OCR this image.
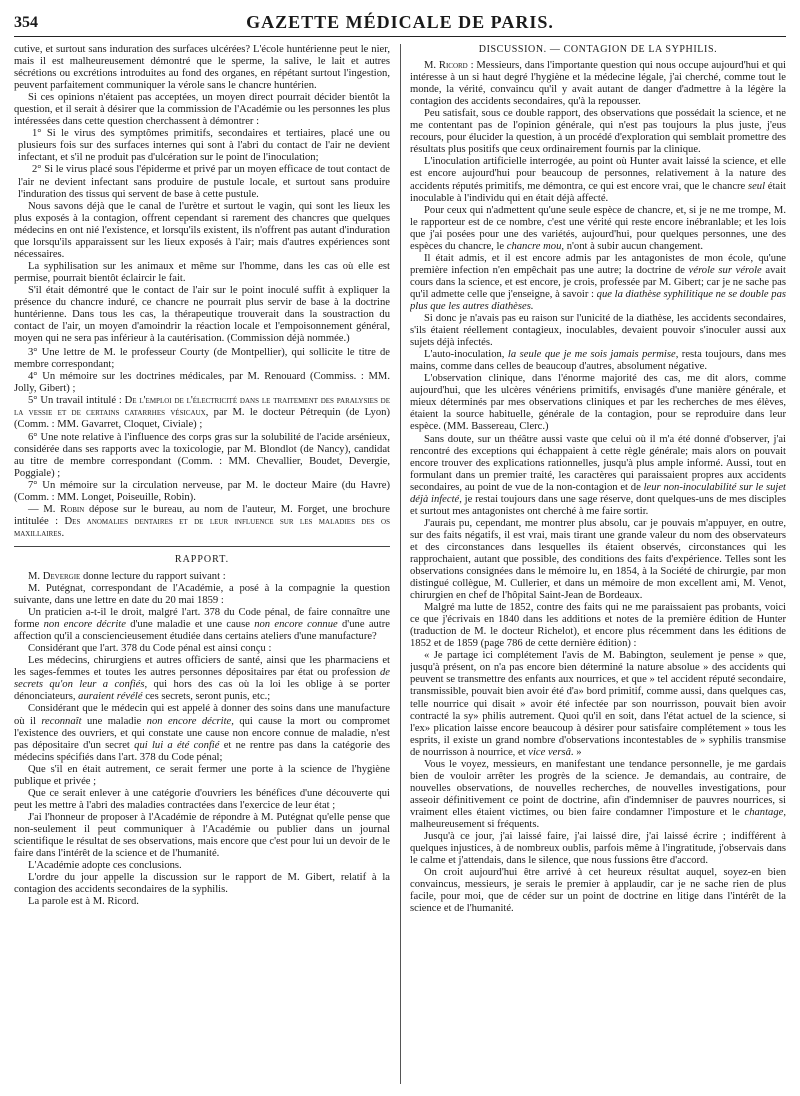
354	GAZETTE MÉDICALE DE PARIS.

cutive, et surtout sans induration des surfaces ulcérées? L'école huntérienne peut le nier, mais il est malheureusement démontré que le sperme, la salive, le lait et autres sécrétions ou excrétions introduites au fond des organes, en répétant surtout l'ingestion, peuvent parfaitement communiquer la vérole sans le chancre huntérien.

Si ces opinions n'étaient pas acceptées, un moyen direct pourrait décider bientôt la question, et il serait à désirer que la commission de l'Académie ou les personnes les plus intéressées dans cette question cherchassent à démontrer :

1° Si le virus des symptômes primitifs, secondaires et tertiaires, placé une ou plusieurs fois sur des surfaces internes qui sont à l'abri du contact de l'air ne devient infectant, et s'il ne produit pas d'ulcération sur le point de l'inoculation;

2° Si le virus placé sous l'épiderme et privé par un moyen efficace de tout contact de l'air ne devient infectant sans produire de pustule locale, et surtout sans produire l'induration des tissus qui servent de base à cette pustule.

Nous savons déjà que le canal de l'urètre et surtout le vagin, qui sont les lieux les plus exposés à la contagion, offrent cependant si rarement des chancres que quelques médecins en ont nié l'existence, et lorsqu'ils existent, ils n'offrent pas autant d'induration que lorsqu'ils apparaissent sur les lieux exposés à l'air; mais d'autres expériences sont nécessaires.

La syphilisation sur les animaux et même sur l'homme, dans les cas où elle est permise, pourrait bientôt éclaircir le fait.

S'il était démontré que le contact de l'air sur le point inoculé suffit à expliquer la présence du chancre induré, ce chancre ne pourrait plus servir de base à la doctrine huntérienne. Dans tous les cas, la thérapeutique trouverait dans la soustraction du contact de l'air, un moyen d'amoindrir la réaction locale et l'empoisonnement général, moyen qui ne sera pas inférieur à la cautérisation. (Commission déjà nommée.)

3° Une lettre de M. le professeur Courty (de Montpellier), qui sollicite le titre de membre correspondant;

4° Un mémoire sur les doctrines médicales, par M. Renouard (Commiss. : MM. Jolly, Gibert) ;

5° Un travail intitulé : De l'emploi de l'électricité dans le traitement des paralysies de la vessie et de certains catarrhes vésicaux, par M. le docteur Pétrequin (de Lyon) (Comm. : MM. Gavarret, Cloquet, Civiale) ;

6° Une note relative à l'influence des corps gras sur la solubilité de l'acide arsénieux, considérée dans ses rapports avec la toxicologie, par M. Blondlot (de Nancy), candidat au titre de membre correspondant (Comm. : MM. Chevallier, Boudet, Devergie, Poggiale) ;

7° Un mémoire sur la circulation nerveuse, par M. le docteur Maire (du Havre) (Comm. : MM. Longet, Poiseuille, Robin).

— M. Robin dépose sur le bureau, au nom de l'auteur, M. Forget, une brochure intitulée : Des anomalies dentaires et de leur influence sur les maladies des os maxillaires.

RAPPORT.

M. Devergie donne lecture du rapport suivant :

M. Putégnat, correspondant de l'Académie, a posé à la compagnie la question suivante, dans une lettre en date du 20 mai 1859 :

Un praticien a-t-il le droit, malgré l'art. 378 du Code pénal, de faire connaître une forme non encore décrite d'une maladie et une cause non encore connue d'une autre affection qu'il a consciencieusement étudiée dans certains ateliers d'une manufacture?

Considérant que l'art. 378 du Code pénal est ainsi conçu :

Les médecins, chirurgiens et autres officiers de santé, ainsi que les pharmaciens et les sages-femmes et toutes les autres personnes dépositaires par état ou profession de secrets qu'on leur a confiés, qui hors des cas où la loi les oblige à se porter dénonciateurs, auraient révélé ces secrets, seront punis, etc.;

Considérant que le médecin qui est appelé à donner des soins dans une manufacture où il reconnaît une maladie non encore décrite, qui cause la mort ou compromet l'existence des ouvriers, et qui constate une cause non encore connue de maladie, n'est pas dépositaire d'un secret qui lui a été confié et ne rentre pas dans la catégorie des médecins spécifiés dans l'art. 378 du Code pénal;

Que s'il en était autrement, ce serait fermer une porte à la science de l'hygiène publique et privée ;

Que ce serait enlever à une catégorie d'ouvriers les bénéfices d'une découverte qui peut les mettre à l'abri des maladies contractées dans l'exercice de leur état ;

J'ai l'honneur de proposer à l'Académie de répondre à M. Putégnat qu'elle pense que non-seulement il peut communiquer à l'Académie ou publier dans un journal scientifique le résultat de ses observations, mais encore que c'est pour lui un devoir de le faire dans l'intérêt de la science et de l'humanité.

L'Académie adopte ces conclusions.

L'ordre du jour appelle la discussion sur le rapport de M. Gibert, relatif à la contagion des accidents secondaires de la syphilis.

La parole est à M. Ricord.

DISCUSSION. — CONTAGION DE LA SYPHILIS.

M. Ricord : Messieurs, dans l'importante question qui nous occupe aujourd'hui et qui intéresse à un si haut degré l'hygiène et la médecine légale, j'ai cherché, comme tout le monde, la vérité, convaincu qu'il y avait autant de danger d'admettre à la légère la contagion des accidents secondaires, qu'à la repousser.

Peu satisfait, sous ce double rapport, des observations que possédait la science, et ne me contentant pas de l'opinion générale, qui n'est pas toujours la plus juste, j'eus recours, pour élucider la question, à un procédé d'exploration qui semblait promettre des résultats plus positifs que ceux ordinairement fournis par la clinique.

L'inoculation artificielle interrogée, au point où Hunter avait laissé la science, et elle est encore aujourd'hui pour beaucoup de personnes, relativement à la nature des accidents réputés primitifs, me démontra, ce qui est encore vrai, que le chancre seul était inoculable à l'individu qui en était déjà affecté.

Pour ceux qui n'admettent qu'une seule espèce de chancre, et, si je ne me trompe, M. le rapporteur est de ce nombre, c'est une vérité qui reste encore inébranlable; et les lois que j'ai posées pour une des variétés, aujourd'hui, pour quelques personnes, une des espèces du chancre, le chancre mou, n'ont à subir aucun changement.

Il était admis, et il est encore admis par les antagonistes de mon école, qu'une première infection n'en empêchait pas une autre; la doctrine de vérole sur vérole avait cours dans la science, et est encore, je crois, professée par M. Gibert; car je ne sache pas qu'il admette celle que j'enseigne, à savoir : que la diathèse syphilitique ne se double pas plus que les autres diathèses.

Si donc je n'avais pas eu raison sur l'unicité de la diathèse, les accidents secondaires, s'ils étaient réellement contagieux, inoculables, devaient pouvoir s'inoculer aussi aux sujets déjà infectés.

L'auto-inoculation, la seule que je me sois jamais permise, resta toujours, dans mes mains, comme dans celles de beaucoup d'autres, absolument négative.

L'observation clinique, dans l'énorme majorité des cas, me dit alors, comme aujourd'hui, que les ulcères vénériens primitifs, envisagés d'une manière générale, et mieux déterminés par mes observations cliniques et par les recherches de mes élèves, étaient la source habituelle, générale de la contagion, pour se reproduire dans leur espèce. (MM. Bassereau, Clerc.)

Sans doute, sur un théâtre aussi vaste que celui où il m'a été donné d'observer, j'ai rencontré des exceptions qui échappaient à cette règle générale; mais alors on pouvait encore trouver des explications rationnelles, jusqu'à plus ample informé. Aussi, tout en formulant dans un premier traité, les caractères qui paraissaient propres aux accidents secondaires, au point de vue de la non-contagion et de leur non-inoculabilité sur le sujet déjà infecté, je restai toujours dans une sage réserve, dont quelques-uns de mes disciples et surtout mes antagonistes ont cherché à me faire sortir.

J'aurais pu, cependant, me montrer plus absolu, car je pouvais m'appuyer, en outre, sur des faits négatifs, il est vrai, mais tirant une grande valeur du nom des observateurs et des circonstances dans lesquelles ils étaient observés, circonstances qui les rapprochaient, autant que possible, des conditions des faits d'expérience. Telles sont les observations consignées dans le mémoire lu, en 1854, à la Société de chirurgie, par mon distingué collègue, M. Cullerier, et dans un mémoire de mon excellent ami, M. Venot, chirurgien en chef de l'hôpital Saint-Jean de Bordeaux.

Malgré ma lutte de 1852, contre des faits qui ne me paraissaient pas probants, voici ce que j'écrivais en 1840 dans les additions et notes de la première édition de Hunter (traduction de M. le docteur Richelot), et encore plus récemment dans les éditions de 1852 et de 1859 (page 786 de cette dernière édition) :

« Je partage ici complétement l'avis de M. Babington, seulement je pense » que, jusqu'à présent, on n'a pas encore bien déterminé la nature absolue » des accidents qui peuvent se transmettre des enfants aux nourrices, et que » tel accident réputé secondaire, transmissible, pouvait bien avoir été d'a» bord primitif, comme aussi, dans quelques cas, telle nourrice qui disait » avoir été infectée par son nourrisson, pouvait bien avoir contracté la sy» philis autrement. Quoi qu'il en soit, dans l'état actuel de la science, si l'ex» plication laisse encore beaucoup à désirer pour satisfaire complétement » tous les esprits, il existe un grand nombre d'observations incontestables de » syphilis transmise de nourrisson à nourrice, et vice versâ. »

Vous le voyez, messieurs, en manifestant une tendance personnelle, je me gardais bien de vouloir arrêter les progrès de la science. Je demandais, au contraire, de nouvelles observations, de nouvelles recherches, de nouvelles investigations, pour asseoir définitivement ce point de doctrine, afin d'indemniser de pauvres nourrices, si vraiment elles étaient victimes, ou bien faire condamner l'imposture et le chantage, malheureusement si fréquents.

Jusqu'à ce jour, j'ai laissé faire, j'ai laissé dire, j'ai laissé écrire ; indifférent à quelques injustices, à de nombreux oublis, parfois même à l'ingratitude, j'observais dans le calme et j'attendais, dans le silence, que nous fussions être d'accord.

On croit aujourd'hui être arrivé à cet heureux résultat auquel, soyez-en bien convaincus, messieurs, je serais le premier à applaudir, car je ne sache rien de plus facile, pour moi, que de céder sur un point de doctrine en litige dans l'intérêt de la science et de l'humanité.
